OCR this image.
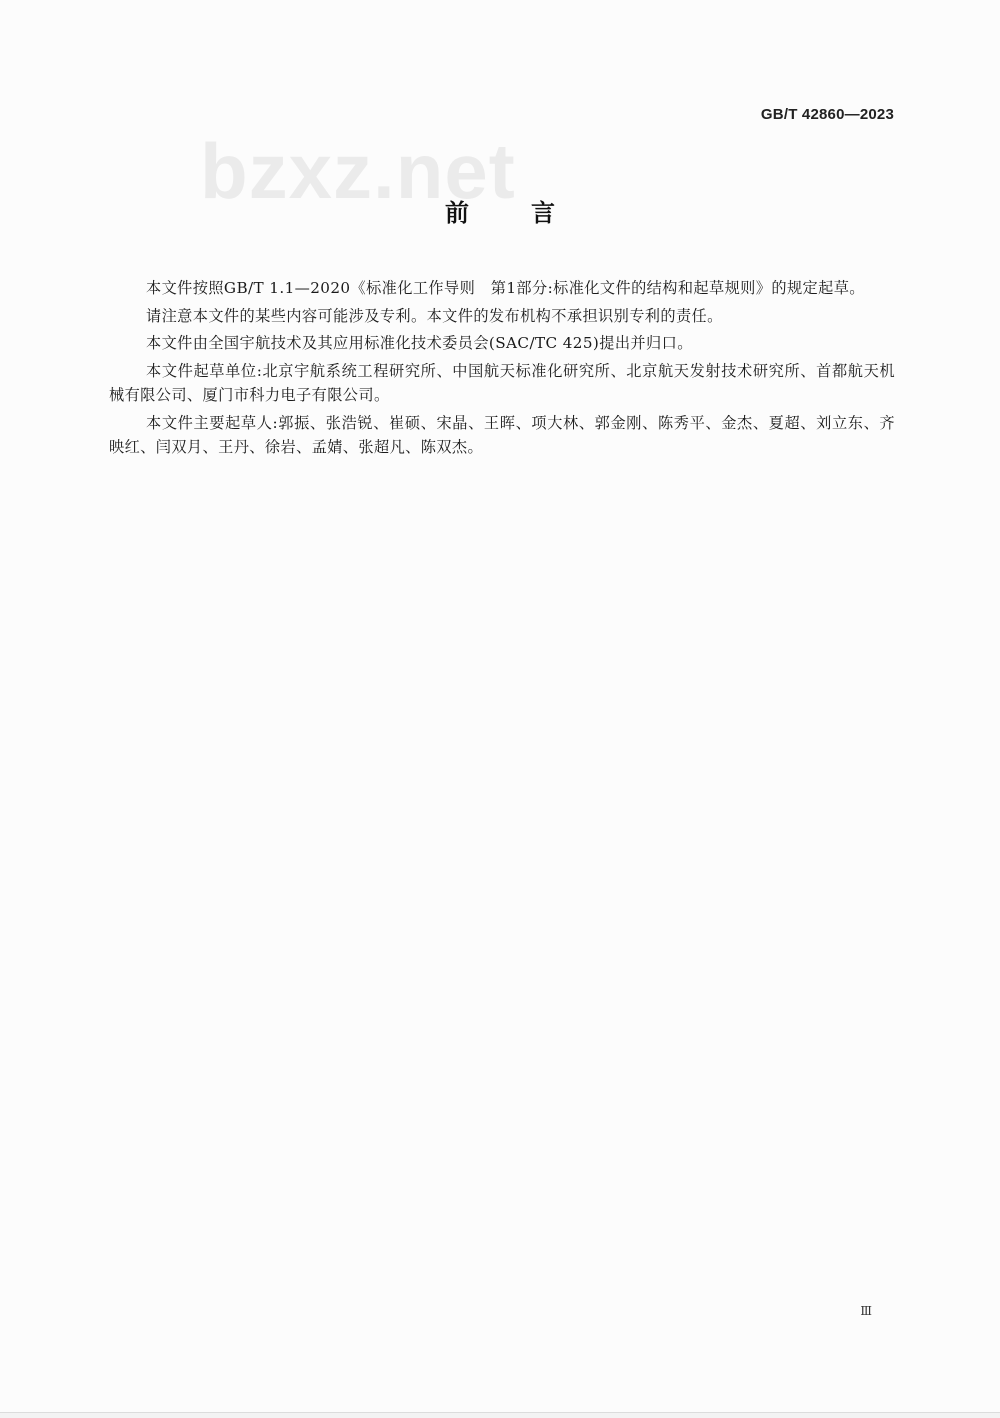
GB/T 42860—2023
bzxz.net
前言

本文件按照GB/T 1.1—2020《标准化工作导则　第1部分:标准化文件的结构和起草规则》的规定起草。

请注意本文件的某些内容可能涉及专利。本文件的发布机构不承担识别专利的责任。

本文件由全国宇航技术及其应用标准化技术委员会(SAC/TC 425)提出并归口。

本文件起草单位:北京宇航系统工程研究所、中国航天标准化研究所、北京航天发射技术研究所、首都航天机械有限公司、厦门市科力电子有限公司。

本文件主要起草人:郭振、张浩锐、崔硕、宋晶、王晖、项大林、郭金刚、陈秀平、金杰、夏超、刘立东、齐映红、闫双月、王丹、徐岩、孟婧、张超凡、陈双杰。

Ⅲ
